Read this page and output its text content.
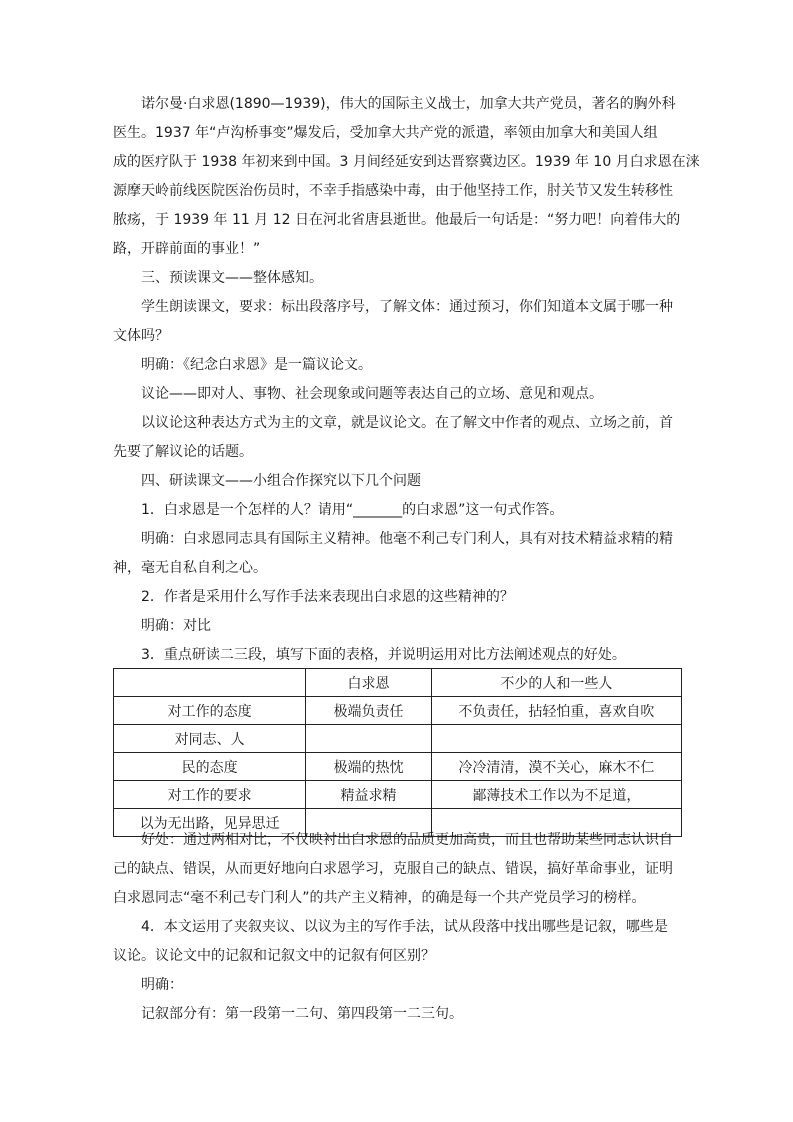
诺尔曼·白求恩(1890—1939)，伟大的国际主义战士，加拿大共产党员，著名的胸外科
医生。1937 年“卢沟桥事变”爆发后，受加拿大共产党的派遣，率领由加拿大和美国人组
成的医疗队于 1938 年初来到中国。3 月间经延安到达晋察冀边区。1939 年 10 月白求恩在涞
源摩天岭前线医院医治伤员时，不幸手指感染中毒，由于他坚持工作，肘关节又发生转移性
脓疡，于 1939 年 11 月 12 日在河北省唐县逝世。他最后一句话是：“努力吧！向着伟大的
路，开辟前面的事业！”
三、预读课文——整体感知。
学生朗读课文，要求：标出段落序号，了解文体：通过预习，你们知道本文属于哪一种
文体吗？
明确：《纪念白求恩》是一篇议论文。
议论——即对人、事物、社会现象或问题等表达自己的立场、意见和观点。
以议论这种表达方式为主的文章，就是议论文。在了解文中作者的观点、立场之前，首
先要了解议论的话题。
四、研读课文——小组合作探究以下几个问题
1．白求恩是一个怎样的人？请用“_______的白求恩”这一句式作答。
明确：白求恩同志具有国际主义精神。他毫不利己专门利人，具有对技术精益求精的精
神，毫无自私自利之心。
2．作者是采用什么写作手法来表现出白求恩的这些精神的？
明确：对比
3．重点研读二三段，填写下面的表格，并说明运用对比方法阐述观点的好处。
	白求恩	不少的人和一些人
对工作的态度	极端负责任	不负责任，拈轻怕重，喜欢自吹
对同志、人		
民的态度	极端的热忱	冷冷清清，漠不关心，麻木不仁
对工作的要求	精益求精	鄙薄技术工作以为不足道，
以为无出路，见异思迁		
好处：通过两相对比，不仅映衬出白求恩的品质更加高贵，而且也帮助某些同志认识自
己的缺点、错误，从而更好地向白求恩学习，克服自己的缺点、错误，搞好革命事业，证明
白求恩同志“毫不利己专门利人”的共产主义精神，的确是每一个共产党员学习的榜样。
4．本文运用了夹叙夹议、以议为主的写作手法，试从段落中找出哪些是记叙，哪些是
议论。议论文中的记叙和记叙文中的记叙有何区别？
明确：
记叙部分有：第一段第一二句、第四段第一二三句。
